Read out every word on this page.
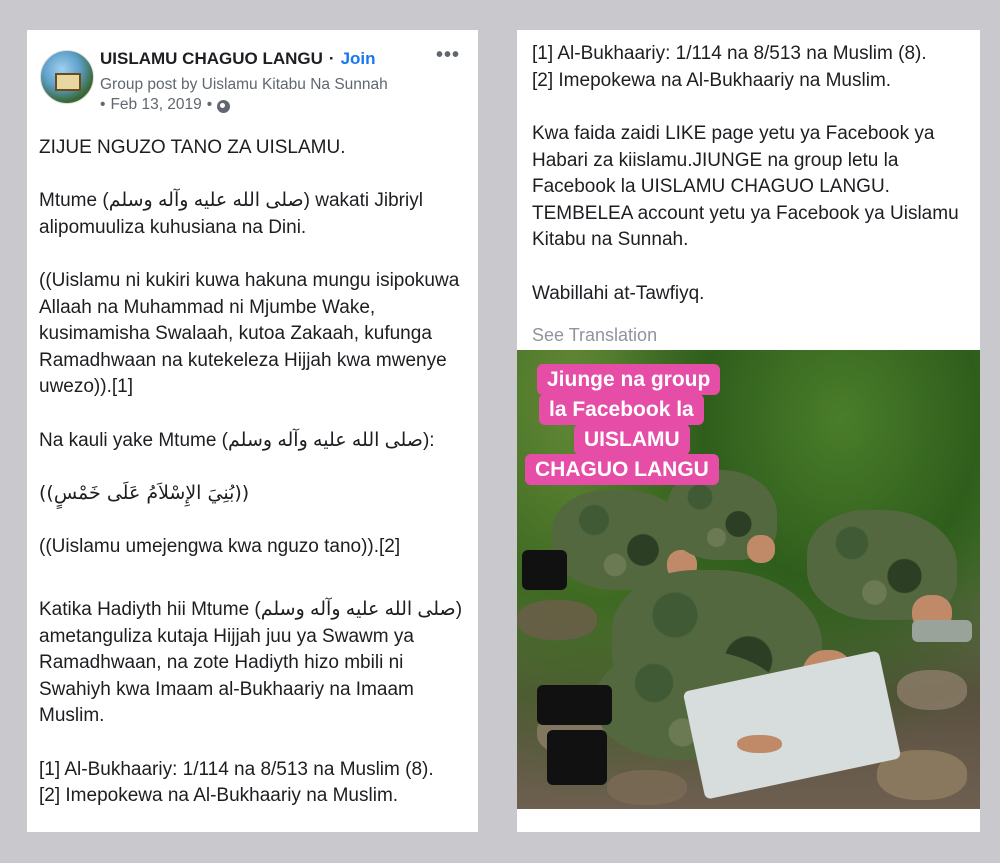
UISLAMU CHAGUO LANGU · Join	•••
Group post by Uislamu Kitabu Na Sunnah
• Feb 13, 2019 •
ZIJUE NGUZO TANO ZA UISLAMU.
Mtume (صلى الله عليه وآله وسلم) wakati Jibriyl
alipomuuliza kuhusiana na Dini.
((Uislamu ni kukiri kuwa hakuna mungu isipokuwa Allaah na Muhammad ni Mjumbe Wake, kusimamisha Swalaah, kutoa Zakaah, kufunga Ramadhwaan na kutekeleza Hijjah kwa mwenye uwezo)).[1]
Na kauli yake Mtume (صلى الله عليه وآله وسلم):
((بُنِيَ الإِسْلاَمُ عَلَى خَمْسٍ))
((Uislamu umejengwa kwa nguzo tano)).[2]
Katika Hadiyth hii Mtume (صلى الله عليه وآله وسلم) ametanguliza kutaja Hijjah juu ya Swawm ya Ramadhwaan, na zote Hadiyth hizo mbili ni Swahiyh kwa Imaam al-Bukhaariy na Imaam Muslim.
[1] Al-Bukhaariy: 1/114 na 8/513 na Muslim (8).
[2] Imepokewa na Al-Bukhaariy na Muslim.
[1] Al-Bukhaariy: 1/114 na 8/513 na Muslim (8).
[2] Imepokewa na Al-Bukhaariy na Muslim.
Kwa faida zaidi LIKE page yetu ya Facebook ya Habari za kiislamu.JIUNGE na group letu la Facebook la UISLAMU CHAGUO LANGU. TEMBELEA account yetu ya Facebook ya Uislamu Kitabu na Sunnah.
Wabillahi at-Tawfiyq.
See Translation
Jiunge na group
la Facebook la
UISLAMU
CHAGUO LANGU
